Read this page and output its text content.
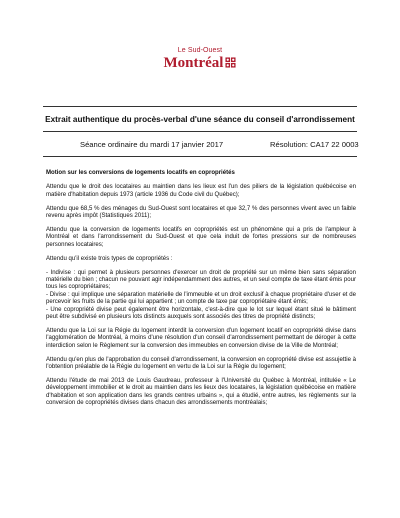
Le Sud-Ouest
Montréal
Extrait authentique du procès-verbal d'une séance du conseil d'arrondissement
Séance ordinaire du mardi 17 janvier 2017	Résolution: CA17 22 0003

Motion sur les conversions de logements locatifs en copropriétés

Attendu que le droit des locataires au maintien dans les lieux est l'un des piliers de la législation québécoise en matière d'habitation depuis 1973 (article 1936 du Code civil du Québec);

Attendu que 68,5 % des ménages du Sud-Ouest sont locataires et que 32,7 % des personnes vivent avec un faible revenu après impôt (Statistiques 2011);

Attendu que la conversion de logements locatifs en copropriétés est un phénomène qui a pris de l'ampleur à Montréal et dans l'arrondissement du Sud-Ouest et que cela induit de fortes pressions sur de nombreuses personnes locataires;

Attendu qu'il existe trois types de copropriétés :

- Indivise : qui permet à plusieurs personnes d'exercer un droit de propriété sur un même bien sans séparation matérielle du bien ; chacun ne pouvant agir indépendamment des autres, et un seul compte de taxe étant émis pour tous les copropriétaires;

- Divise : qui implique une séparation matérielle de l'immeuble et un droit exclusif à chaque propriétaire d'user et de percevoir les fruits de la partie qui lui appartient ; un compte de taxe par copropriétaire étant émis;

- Une copropriété divise peut également être horizontale, c'est-à-dire que le lot sur lequel étant situé le bâtiment peut être subdivisé en plusieurs lots distincts auxquels sont associés des titres de propriété distincts;

Attendu que la Loi sur la Régie du logement interdit la conversion d'un logement locatif en copropriété divise dans l'agglomération de Montréal, à moins d'une résolution d'un conseil d'arrondissement permettant de déroger à cette interdiction selon le Règlement sur la conversion des immeubles en conversion divise de la Ville de Montréal;

Attendu qu'en plus de l'approbation du conseil d'arrondissement, la conversion en copropriété divise est assujettie à l'obtention préalable de la Régie du logement en vertu de la Loi sur la Régie du logement;

Attendu l'étude de mai 2013 de Louis Gaudreau, professeur à l'Université du Québec à Montréal, intitulée « Le développement immobilier et le droit au maintien dans les lieux des locataires, la législation québécoise en matière d'habitation et son application dans les grands centres urbains », qui a étudié, entre autres, les règlements sur la conversion de copropriétés divises dans chacun des arrondissements montréalais;
